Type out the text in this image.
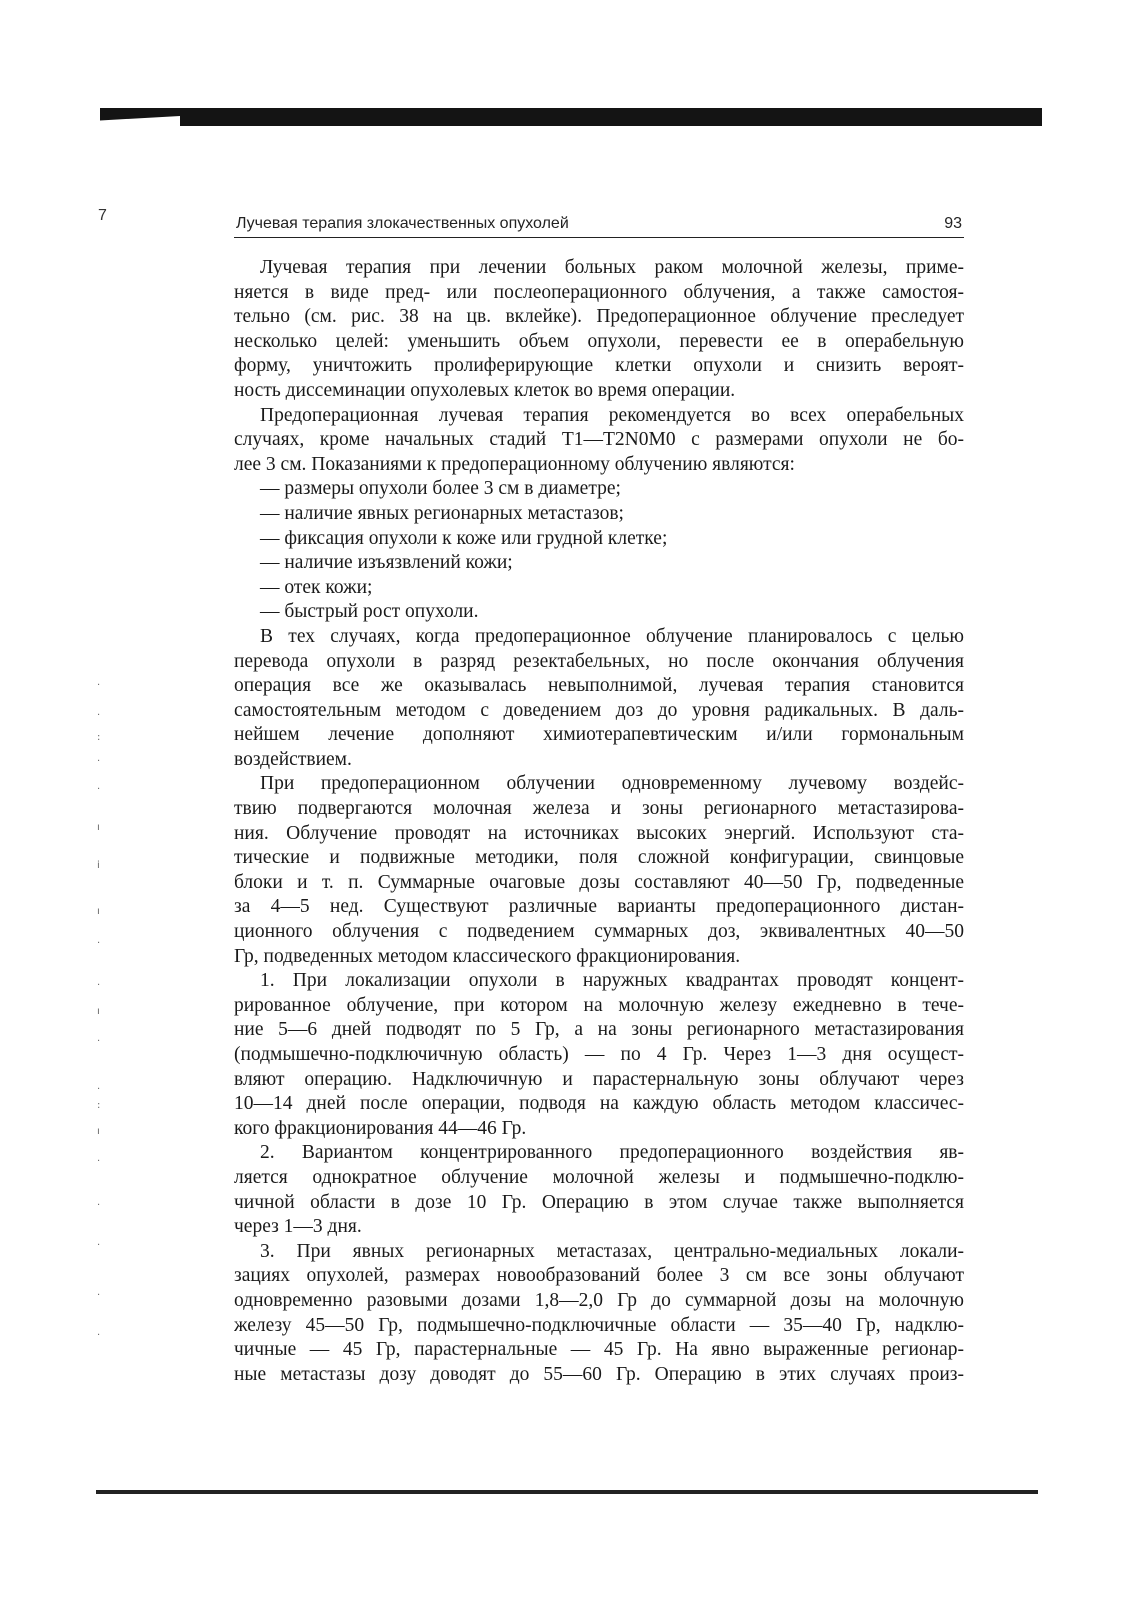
7
·
·
:
·
·
ı
i
ı
·
·
ı
·
·
:
ı
·
·
·
·
·
Лучевая терапия злокачественных опухолей	93
Лучевая терапия при лечении больных раком молочной железы, приме-
няется в виде пред- или послеоперационного облучения, а также самостоя-
тельно (см. рис. 38 на цв. вклейке). Предоперационное облучение преследует
несколько целей: уменьшить объем опухоли, перевести ее в операбельную
форму, уничтожить пролиферирующие клетки опухоли и снизить вероят-
ность диссеминации опухолевых клеток во время операции.
Предоперационная лучевая терапия рекомендуется во всех операбельных
случаях, кроме начальных стадий T1—T2N0M0 с размерами опухоли не бо-
лее 3 см. Показаниями к предоперационному облучению являются:
— размеры опухоли более 3 см в диаметре;
— наличие явных регионарных метастазов;
— фиксация опухоли к коже или грудной клетке;
— наличие изъязвлений кожи;
— отек кожи;
— быстрый рост опухоли.
В тех случаях, когда предоперационное облучение планировалось с целью
перевода опухоли в разряд резектабельных, но после окончания облучения
операция все же оказывалась невыполнимой, лучевая терапия становится
самостоятельным методом с доведением доз до уровня радикальных. В даль-
нейшем лечение дополняют химиотерапевтическим и/или гормональным
воздействием.
При предоперационном облучении одновременному лучевому воздейс-
твию подвергаются молочная железа и зоны регионарного метастазирова-
ния. Облучение проводят на источниках высоких энергий. Используют ста-
тические и подвижные методики, поля сложной конфигурации, свинцовые
блоки и т. п. Суммарные очаговые дозы составляют 40—50 Гр, подведенные
за 4—5 нед. Существуют различные варианты предоперационного дистан-
ционного облучения с подведением суммарных доз, эквивалентных 40—50
Гр, подведенных методом классического фракционирования.
1. При локализации опухоли в наружных квадрантах проводят концент-
рированное облучение, при котором на молочную железу ежедневно в тече-
ние 5—6 дней подводят по 5 Гр, а на зоны регионарного метастазирования
(подмышечно-подключичную область) — по 4 Гр. Через 1—3 дня осущест-
вляют операцию. Надключичную и парастернальную зоны облучают через
10—14 дней после операции, подводя на каждую область методом классичес-
кого фракционирования 44—46 Гр.
2. Вариантом концентрированного предоперационного воздействия яв-
ляется однократное облучение молочной железы и подмышечно-подклю-
чичной области в дозе 10 Гр. Операцию в этом случае также выполняется
через 1—3 дня.
3. При явных регионарных метастазах, центрально-медиальных локали-
зациях опухолей, размерах новообразований более 3 см все зоны облучают
одновременно разовыми дозами 1,8—2,0 Гр до суммарной дозы на молочную
железу 45—50 Гр, подмышечно-подключичные области — 35—40 Гр, надклю-
чичные — 45 Гр, парастернальные — 45 Гр. На явно выраженные регионар-
ные метастазы дозу доводят до 55—60 Гр. Операцию в этих случаях произ-
